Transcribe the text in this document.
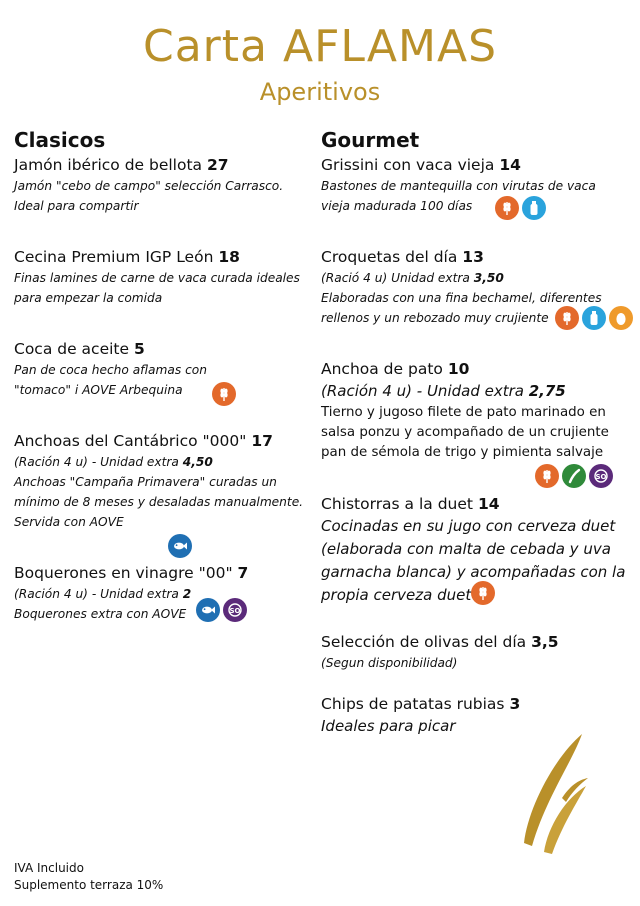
Carta AFLAMAS
Aperitivos
Clasicos
Jamón ibérico de bellota 27
Jamón "cebo de campo" selección Carrasco.
Ideal para compartir
Cecina Premium IGP León 18
Finas lamines de carne de vaca curada ideales
para empezar la comida
Coca de aceite 5
Pan de coca hecho aflamas con
"tomaco" i AOVE Arbequina
Anchoas del Cantábrico "000" 17
(Ración 4 u) - Unidad extra 4,50
Anchoas "Campaña Primavera" curadas un
mínimo de 8 meses y desaladas manualmente.
Servida con AOVE
Boquerones en vinagre "00" 7
(Ración 4 u) - Unidad extra 2
Boquerones extra con AOVE
Gourmet
Grissini con vaca vieja 14
Bastones de mantequilla con virutas de vaca
vieja madurada 100 días
Croquetas del día 13
(Ració 4 u) Unidad extra 3,50
Elaboradas con una fina bechamel, diferentes
rellenos y un rebozado muy crujiente
Anchoa de pato 10
(Ración 4 u) - Unidad extra 2,75
Tierno y jugoso filete de pato marinado en
salsa ponzu y acompañado de un crujiente
pan de sémola de trigo y pimienta salvaje
Chistorras a la duet 14
Cocinadas en su jugo con cerveza duet
(elaborada con malta de cebada y uva
garnacha blanca) y acompañadas con la
propia cerveza duet
Selección de olivas del día 3,5
(Segun disponibilidad)
Chips de patatas rubias 3
Ideales para picar
IVA Incluido
Suplemento terraza 10%
